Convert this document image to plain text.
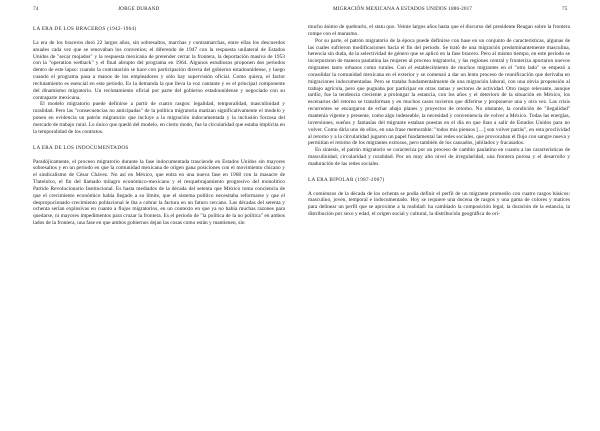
74	JORGE DURAND
LA ERA DE LOS BRACEROS (1942-1964)

La era de los braceros duró 22 largos años, sin sobresaltos, marchas y contramarchas, entre ellas los descuerdos anuales cada vez que se renovaban los convenios; el diferendo de 1947 con la respuesta unilateral de Estados Unidos de "secar mojados" y la respuesta mexicana de pretender cerrar la frontera, la deportación masiva de 1953 con la "operation wetback" y el final abrupto del programa en 1964. Algunos estudiosos proponen dos periodos dentro de este lapso: cuando la contratación se hace con participación directa del gobierno estadounidense, y luego cuando el programa pasa a manos de los empleadores y sólo hay supervisión oficial. Como quiera, el factor reclutamiento es esencial en este periodo. Es la demanda la que lleva la voz cantante y es el principal componente del dinamismo migratorio. Un reclutamiento oficial por parte del gobierno estadounidense y negociado con su contraparte mexicana.

El modelo migratorio puede definirse a partir de cuatro rasgos: legalidad, temporalidad, masculinidad y ruralidad. Pero las "consecuencias no anticipadas" de la política migratoria matizan significativamente el modelo y ponen en evidencia un patrón migratorio que incluye a la migración indocumentada y la inclusión forzosa del mercado de trabajo rural. Lo único que quedó del modelo, en cierto modo, fue la circularidad que estaba implícita en la temporalidad de los contratos.

LA ERA DE LOS INDOCUMENTADOS

Paradójicamente, el proceso migratorio durante la fase indocumentada trasciende en Estados Unidos sin mayores sobresaltos y en un periodo en que la comunidad mexicana de origen gana posiciones con el movimiento chicano y el sindicalismo de César Chávez. No así en México, que entra en una nueva fase en 1968 con la masacre de Tlatelolco, el fin del llamado milagro económico-mexicano y el resquebrajamiento progresivo del monolítico Partido Revolucionario Institucional. Es hasta mediados de la década del setenta que México toma conciencia de que el crecimiento económico había llegado a su límite, que el sistema político necesitaba reformarse y que el despropocionado crecimiento poblacional le iba a cobrar la factura en un futuro cercano. Las décadas del setenta y ochenta serían explosivas en cuanto a flujos migratorios, en un contexto en que ya no había muchas razones para quedarse, ni mayores impedimentos para cruzar la frontera. Es el periodo de "la política de la no política" en ambos lados de la frontera, una fase en que ambos gobiernos dejan las cosas como están y mantienen, sin

MIGRACIÓN MEXICANA A ESTADOS UNIDOS 1886-2017	75

mucho ánimo de quebrarlo, el statu quo. Veinte largos años hasta que el discurso del presidente Reagan sobre la frontera rompe con el marasmo.

Por su parte, el patrón migratorio de la época puede definirse con base en un conjunto de características, algunas de las cuales sufrieron modificaciones hacia el fin del periodo. Se trató de una migración predominantemente masculina, herencia sin duda, de la selectividad de género que se aplicó en la fase bracero. Pero al mismo tiempo, en este periodo se incorporaron de manera paulatina las mujeres al proceso migratorio, y las regiones central y fronteriza aportaron nuevos migrantes tanto urbanos como rurales. Con el establecimiento de muchos migrantes en el "otro lado" se empezó a consolidar la comunidad mexicana en el exterior y se comenzó a dar un lento proceso de reunificación que derivaba en migraciones indocumentadas. Pero se trataba fundamentalmente de una migración laboral, con una obvia propensión al trabajo agrícola, pero que pugnaba por participar en otras ramas y sectores de actividad. Otro rasgo relevante, aunque tardío, fue la tendencia creciente a prolongar la estancia, con los años y el deterioro de la situación en México, los escenarios del retorno se transforman y en muchos casos tuvieron que diferirse y proponerse una y otra vez. Las crisis recurrentes se encargaron de echar abajo planes y proyectos de retorno. No obstante, la condición de "ilegalidad" mantenía vigente y presente, como algo indeseable, la necesidad y conveniencia de volver a México. Todas las energías, inversiones, sueños y fantasías del migrante estaban puestas en el día en que iban a salir de Estados Unidos para no volver. Como diría uno de ellos, en una frase memorable: "todos mis piensos […] son volver patrás", en esta proclividad al retorno y a la circularidad jugaron un papel fundamental las redes sociales, que provocaban el flujo con sangre nueva y permitían el retorno de los migrantes exitosos, pero también de los cansados, jubilados y fracasados.

En síntesis, el patrón migratorio se caracteriza por un proceso de cambio paulatino en cuanto a las características de masculinidad, circularidad y ruralidad. Por un muy alto nivel de irregularidad, una frontera porosa y el desarrollo y maduración de las redes sociales.

LA ERA BIPOLAR (1987-2007)

A comienzos de la década de los ochenta se podía definir el perfil de un migrante promedio con cuatro rasgos básicos: masculino, joven, temporal e indocumentado. Hoy se requiere una docena de rasgos y una gama de colores y matices para delinear un perfil que se aproxime a la realidad: ha cambiado la composición legal, la duración de la estancia, la distribución por sexo y edad, el origen social y cultural, la distribución geográfica de ori-
